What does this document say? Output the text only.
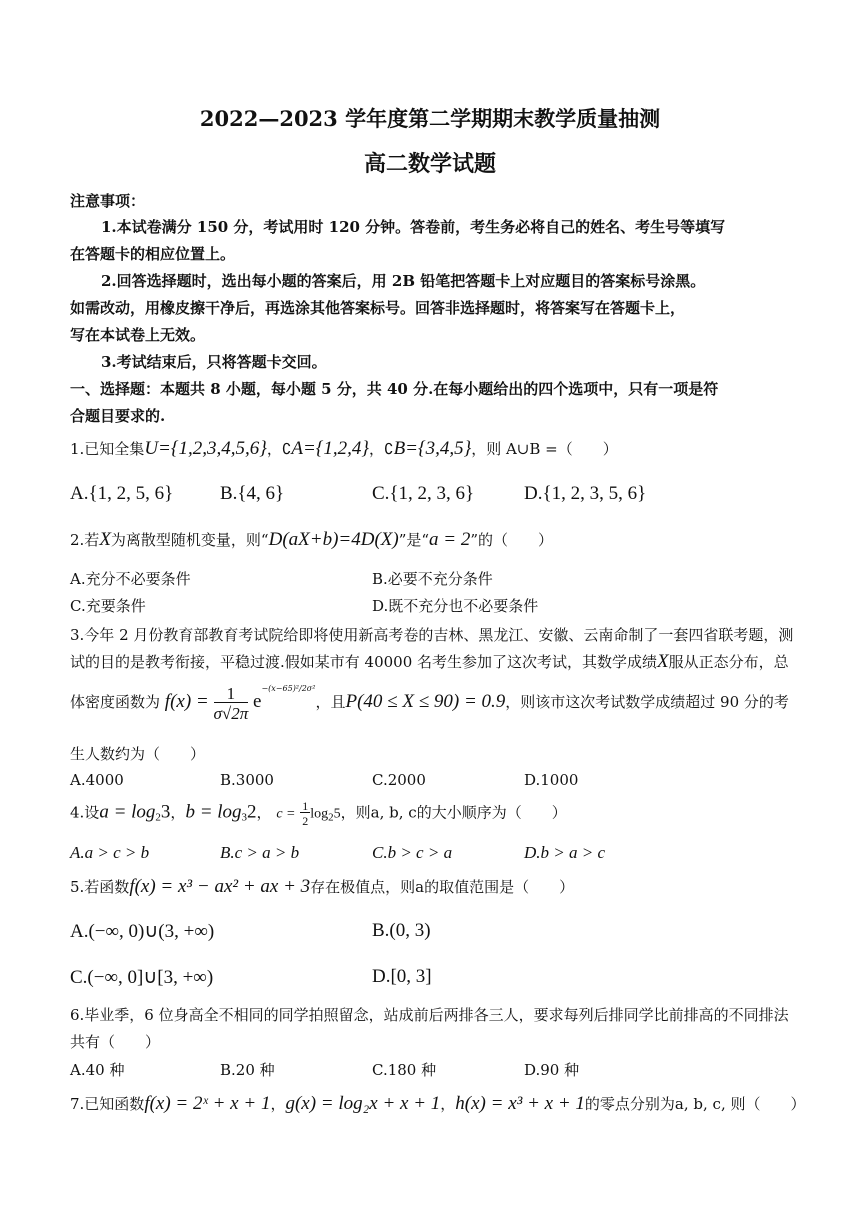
2022—2023 学年度第二学期期末教学质量抽测
高二数学试题
注意事项：
1.本试卷满分 150 分，考试用时 120 分钟。答卷前，考生务必将自己的姓名、考生号等填写
在答题卡的相应位置上。
2.回答选择题时，选出每小题的答案后，用 2B 铅笔把答题卡上对应题目的答案标号涂黑。
如需改动，用橡皮擦干净后，再选涂其他答案标号。回答非选择题时，将答案写在答题卡上，
写在本试卷上无效。
3.考试结束后，只将答题卡交回。
一、选择题：本题共 8 小题，每小题 5 分，共 40 分.在每小题给出的四个选项中，只有一项是符
合题目要求的.
1.已知全集U={1,2,3,4,5,6}，∁A={1,2,4}，∁B={3,4,5}，则 A∪B =（　　）
A.{1, 2, 5, 6} B.{4, 6}	C.{1, 2, 3, 6}	D.{1, 2, 3, 5, 6}
2.若X为离散型随机变量，则“D(aX+b)=4D(X)”是“a = 2”的（　　）
A.充分不必要条件	B.必要不充分条件
C.充要条件	D.既不充分也不必要条件
3.今年 2 月份教育部教育考试院给即将使用新高考卷的吉林、黑龙江、安徽、云南命制了一套四省联考题，测
试的目的是教考衔接，平稳过渡.假如某市有 40000 名考生参加了这次考试，其数学成绩X服从正态分布，总
体密度函数为 $f(x) = \frac{1}{\sigma√2\pi} e^{-(x-65)^2/2\sigma^2}$，且P(40 ≤ X ≤ 90) = 0.9，则该市这次考试数学成绩超过 90 分的考
生人数约为（　　）
A.4000	B.3000	C.2000	D.1000
4.设$a = \log_23$，$b = \log_32$， $c = \frac{1}{2} \log_25$，则a, b, c的大小顺序为（　　）
A.a > c > b	B.c > a > b	C.b > c > a	D.b > a > c
5.若函数f(x) = x³ − ax² + ax + 3存在极值点，则a的取值范围是（　　）
A.(−∞, 0)∪(3, +∞)	B.(0, 3)
C.(−∞, 0]∪[3, +∞)	D.[0, 3]
6.毕业季，6 位身高全不相同的同学拍照留念，站成前后两排各三人，要求每列后排同学比前排高的不同排法
共有（　　）
A.40 种	B.20 种	C.180 种	D.90 种
7.已知函数f(x) = 2ˣ + x + 1，g(x) = log₂x + x + 1，h(x) = x³ + x + 1的零点分别为a, b, c, 则（　　）
